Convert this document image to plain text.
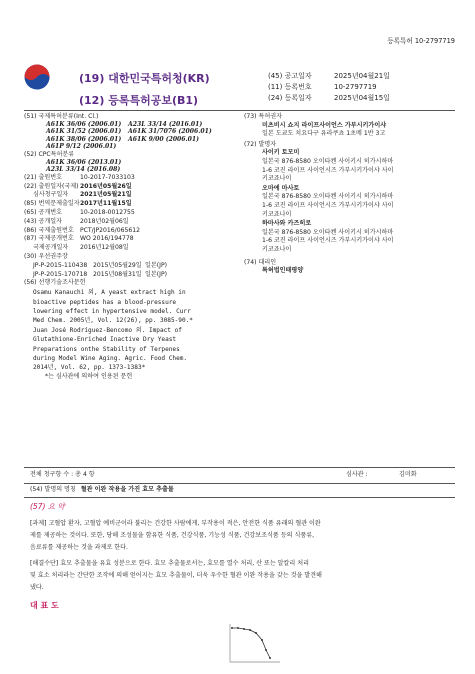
등록특허 10-2797719
(19) 대한민국특허청(KR)
(12) 등록특허공보(B1)
(45) 공고일자	2025년04월21일
(11) 등록번호	10-2797719
(24) 등록일자	2025년04월15일
(51) 국제특허분류(Int. Cl.)
A61K 36/06 (2006.01) A23L 33/14 (2016.01)
A61K 31/52 (2006.01) A61K 31/7076 (2006.01)
A61K 38/06 (2006.01) A61K 9/00 (2006.01)
A61P 9/12 (2006.01)
(52) CPC특허분류
A61K 36/06 (2013.01)
A23L 33/14 (2016.08)
(21) 출원번호	10-2017-7033103
(22) 출원일자(국제)2016년05월26일
심사청구일자 2021년05월21일
(85) 번역문제출일자2017년11월15일
(65) 공개번호	10-2018-0012755
(43) 공개일자	2018년02월06일
(86) 국제출원번호 PCT/JP2016/065612
(87) 국제공개번호 WO 2016/194778
국제공개일자 2016년12월08일
(30) 우선권주장
JP-P-2015-110438 2015년05월29일 일본(JP)
JP-P-2015-170718 2015년08월31일 일본(JP)
(56) 선행기술조사문헌
Osamu Kanauchi 외, A yeast extract high in
bioactive peptides has a blood-pressure
lowering effect in hypertensive model. Curr
Med Chem. 2005년, Vol. 12(26), pp. 3085-90.*
Juan José Rodríguez-Bencomo 외. Impact of
Glutathione-Enriched Inactive Dry Yeast
Preparations onthe Stability of Terpenes
during Model Wine Aging. Agric. Food Chem.
2014년, Vol. 62, pp. 1373-1383*
*는 심사관에 의하여 인용된 문헌
(73) 특허권자
미츠비시 쇼지 라이프사이언스 가부시키가이샤
일본 도쿄도 치요다구 유라쿠쵸 1초메 1반 3고
(72) 발명자
사이키 토모미
일본국 876-8580 오이타켄 사이키시 히가시하마
1-6 코진 라이프 사이언시즈 가부시키가이샤 사이
키코죠나이
오마에 마사토
일본국 876-8580 오이타켄 사이키시 히가시하마
1-6 코진 라이프 사이언시즈 가부시키가이샤 사이
키코죠나이
하마사와 카즈히로
일본국 876-8580 오이타켄 사이키시 히가시하마
1-6 코진 라이프 사이언시즈 가부시키가이샤 사이
키코죠나이
(74) 대리인
특허법인태평양
전체 청구항 수 : 총 4 항	심사관 :	김미화
(54) 발명의 명칭 혈관 이완 작용을 가진 효모 추출물
(57) 요 약
[과제] 고혈압 환자, 고혈압 예비군이라 불리는 건강한 사람에게, 부작용이 적은, 안전한 식품 유래의 혈관 이완
제를 제공하는 것이다. 또한, 당해 조성물을 함유한 식품, 건강식품, 기능성 식품, 건강보조식품 등의 식품류,
음료류를 제공하는 것을 과제로 한다.
[해결수단] 효모 추출물을 유효 성분으로 한다. 효모 추출물로서는, 효모를 열수 처리, 산 또는 알칼리 처리
및 효소 처리라는 간단한 조작에 의해 얻어지는 효모 추출물이, 더욱 우수한 혈관 이완 작용을 갖는 것을 발견해
냈다.
대 표 도
